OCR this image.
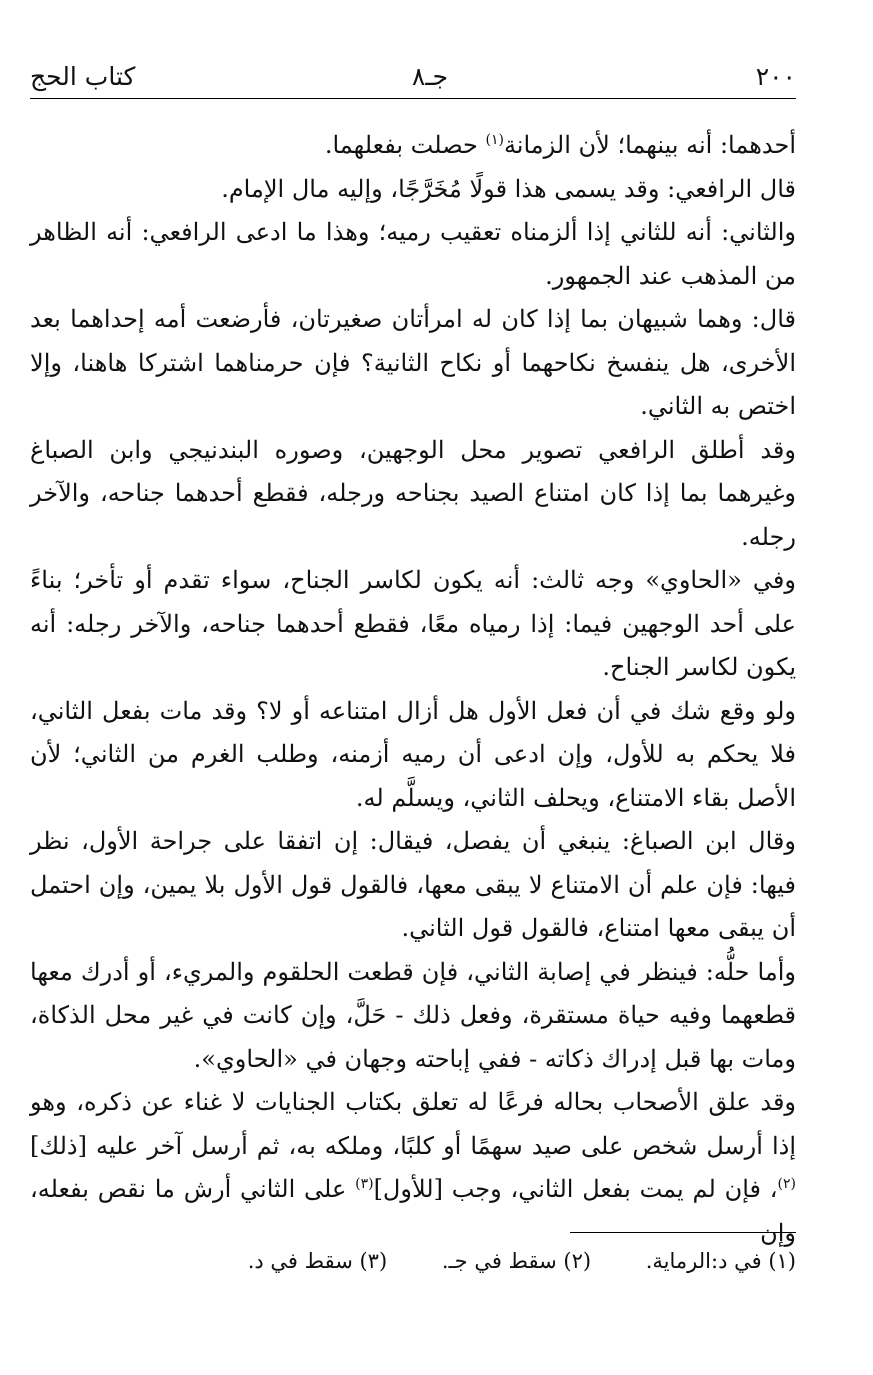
٢٠٠
جـ٨
كتاب الحج

أحدهما: أنه بينهما؛ لأن الزمانة$^{(١)}$ حصلت بفعلهما.

قال الرافعي: وقد يسمى هذا قولًا مُخَرَّجًا، وإليه مال الإمام.

والثاني: أنه للثاني إذا ألزمناه تعقيب رميه؛ وهذا ما ادعى الرافعي: أنه الظاهر من المذهب عند الجمهور.

قال: وهما شبيهان بما إذا كان له امرأتان صغيرتان، فأرضعت أمه إحداهما بعد الأخرى، هل ينفسخ نكاحهما أو نكاح الثانية؟ فإن حرمناهما اشتركا هاهنا، وإلا اختص به الثاني.

وقد أطلق الرافعي تصوير محل الوجهين، وصوره البندنيجي وابن الصباغ وغيرهما بما إذا كان امتناع الصيد بجناحه ورجله، فقطع أحدهما جناحه، والآخر رجله.

وفي «الحاوي» وجه ثالث: أنه يكون لكاسر الجناح، سواء تقدم أو تأخر؛ بناءً على أحد الوجهين فيما: إذا رمياه معًا، فقطع أحدهما جناحه، والآخر رجله: أنه يكون لكاسر الجناح.

ولو وقع شك في أن فعل الأول هل أزال امتناعه أو لا؟ وقد مات بفعل الثاني، فلا يحكم به للأول، وإن ادعى أن رميه أزمنه، وطلب الغرم من الثاني؛ لأن الأصل بقاء الامتناع، ويحلف الثاني، ويسلَّم له.

وقال ابن الصباغ: ينبغي أن يفصل، فيقال: إن اتفقا على جراحة الأول، نظر فيها: فإن علم أن الامتناع لا يبقى معها، فالقول قول الأول بلا يمين، وإن احتمل أن يبقى معها امتناع، فالقول قول الثاني.

وأما حلُّه: فينظر في إصابة الثاني، فإن قطعت الحلقوم والمريء، أو أدرك معها قطعهما وفيه حياة مستقرة، وفعل ذلك - حَلَّ، وإن كانت في غير محل الذكاة، ومات بها قبل إدراك ذكاته - ففي إباحته وجهان في «الحاوي».

وقد علق الأصحاب بحاله فرعًا له تعلق بكتاب الجنايات لا غناء عن ذكره، وهو إذا أرسل شخص على صيد سهمًا أو كلبًا، وملكه به، ثم أرسل آخر عليه [ذلك]$^{(٢)}$، فإن لم يمت بفعل الثاني، وجب [للأول]$^{(٣)}$ على الثاني أرش ما نقص بفعله، وإن

(١) في د:الرماية. (٢) سقط في جـ. (٣) سقط في د.
